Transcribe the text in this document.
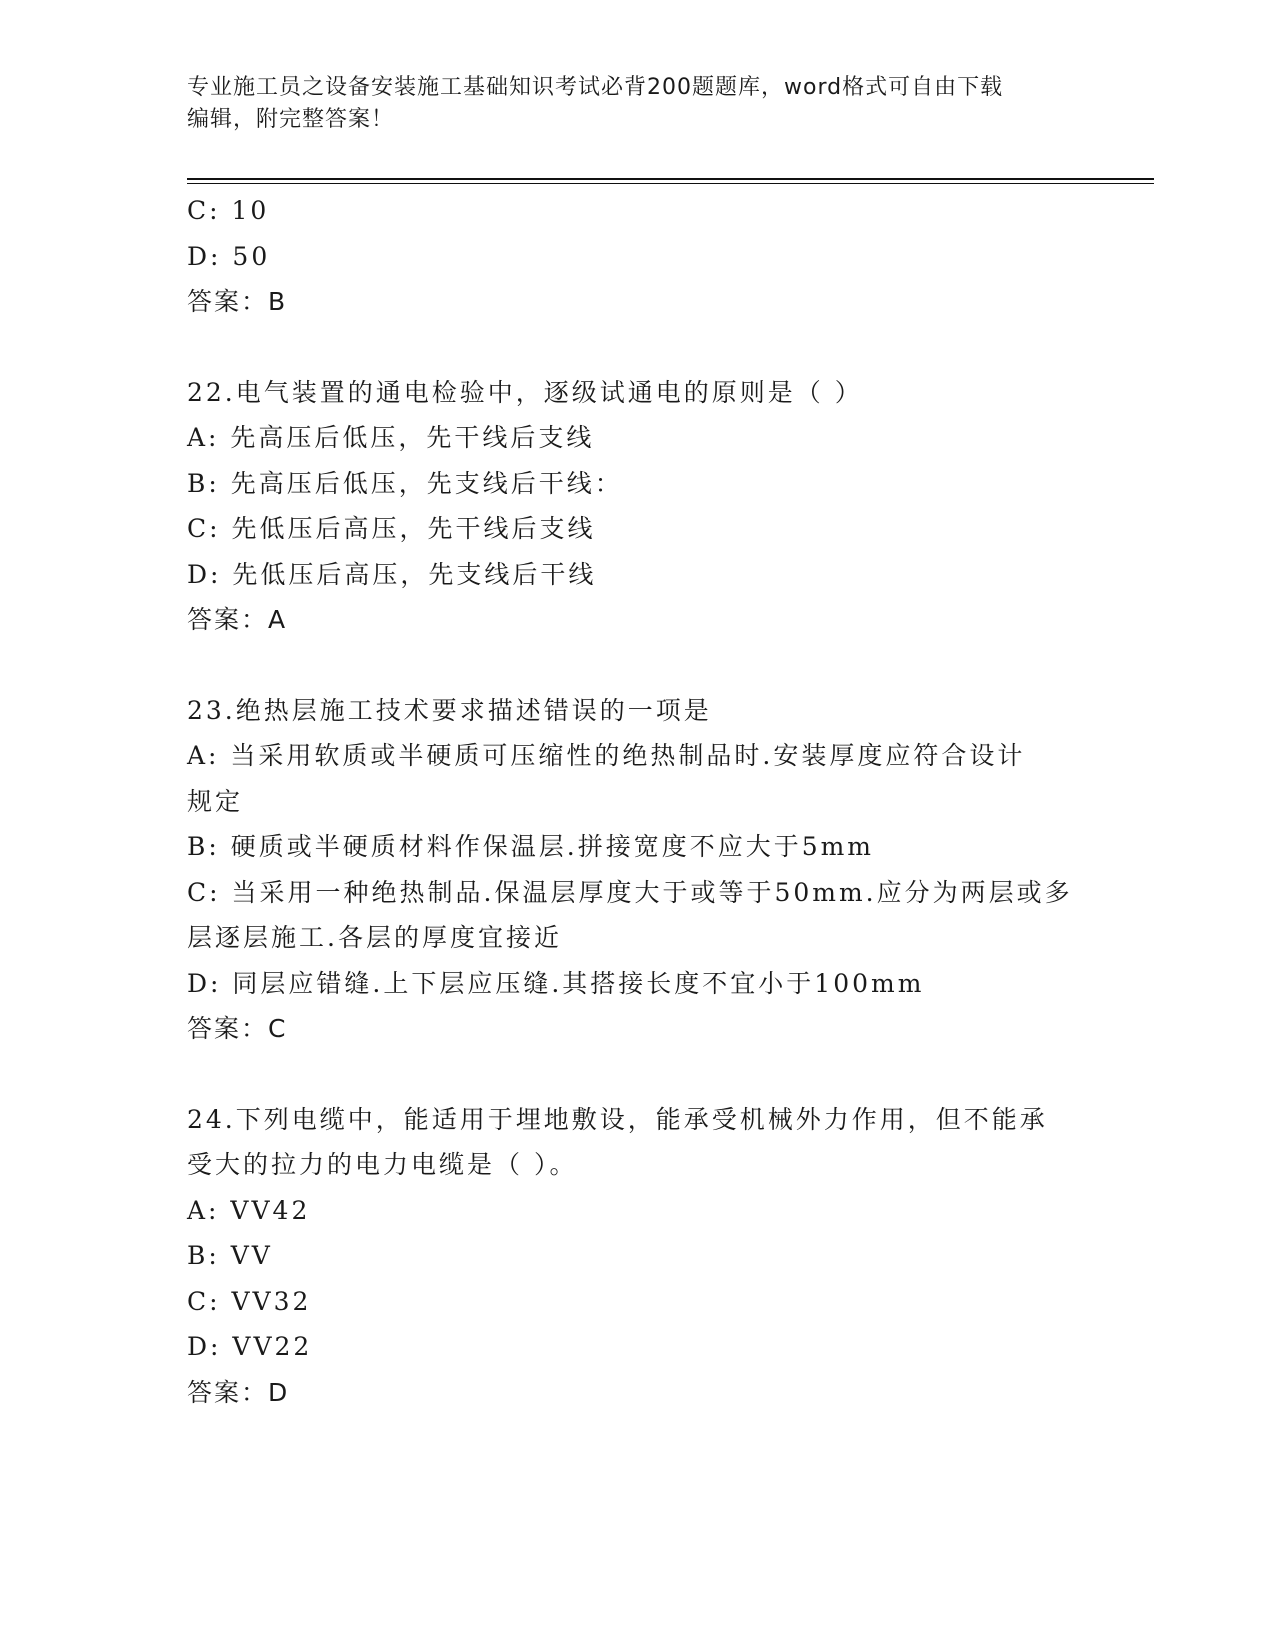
专业施工员之设备安装施工基础知识考试必背200题题库，word格式可自由下载
编辑，附完整答案！
C: 10
D: 50
答案：B
22.电气装置的通电检验中，逐级试通电的原则是（ ）
A: 先高压后低压，先干线后支线
B: 先高压后低压，先支线后干线：
C: 先低压后高压，先干线后支线
D: 先低压后高压，先支线后干线
答案：A
23.绝热层施工技术要求描述错误的一项是
A: 当采用软质或半硬质可压缩性的绝热制品时.安装厚度应符合设计
规定
B: 硬质或半硬质材料作保温层.拼接宽度不应大于5mm
C: 当采用一种绝热制品.保温层厚度大于或等于50mm.应分为两层或多
层逐层施工.各层的厚度宜接近
D: 同层应错缝.上下层应压缝.其搭接长度不宜小于100mm
答案：C
24.下列电缆中，能适用于埋地敷设，能承受机械外力作用，但不能承
受大的拉力的电力电缆是（ ）。
A: VV42
B: VV
C: VV32
D: VV22
答案：D
